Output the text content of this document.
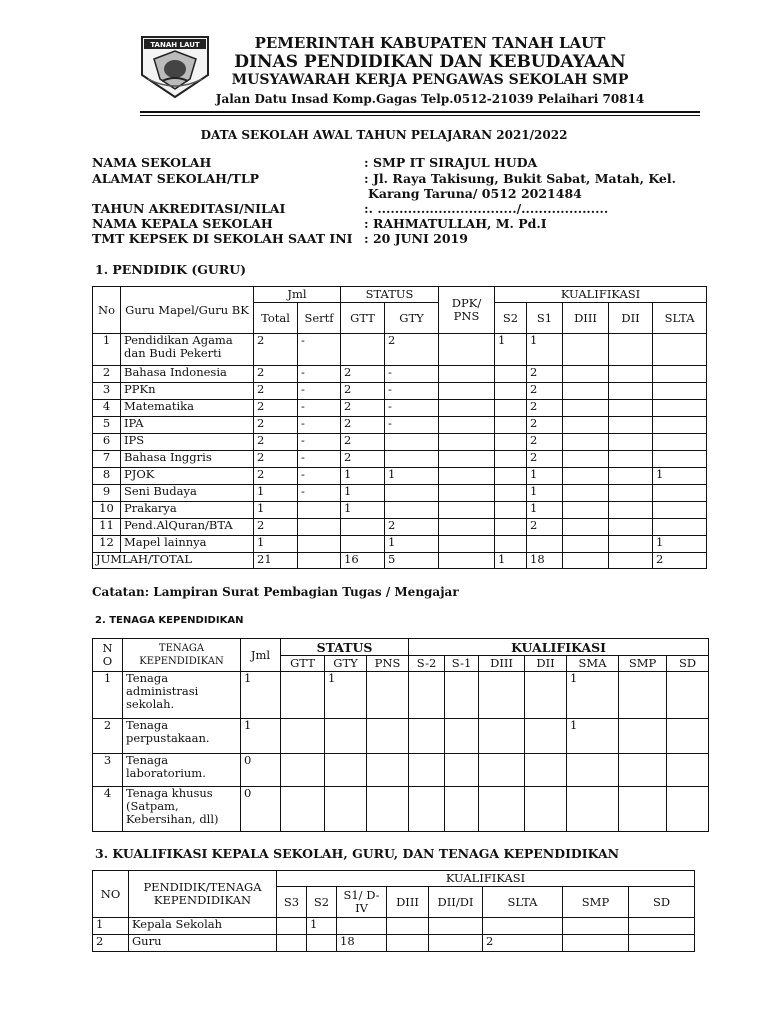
TANAH LAUT	PEMERINTAH KABUPATEN TANAH LAUT
DINAS PENDIDIKAN DAN KEBUDAYAAN
MUSYAWARAH KERJA PENGAWAS SEKOLAH SMP
Jalan Datu Insad Komp.Gagas Telp.0512-21039 Pelaihari 70814
DATA SEKOLAH AWAL TAHUN PELAJARAN 2021/2022
NAMA SEKOLAH	: SMP IT SIRAJUL HUDA
ALAMAT SEKOLAH/TLP	: Jl. Raya Takisung, Bukit Sabat, Matah, Kel.
Karang Taruna/ 0512 2021484
TAHUN AKREDITASI/NILAI	:. ................................/....................
NAMA KEPALA SEKOLAH	: RAHMATULLAH, M. Pd.I
TMT KEPSEK DI SEKOLAH SAAT INI : 20 JUNI 2019
1. PENDIDIK (GURU)
No	Guru Mapel/Guru BK	Jml		STATUS		DPK/ PNS	KUALIFIKASI				
		Total	Sertf	GTT	GTY		S2	S1	DIII	DII	SLTA
1	Pendidikan Agama dan Budi Pekerti	2	-		2		1	1			
2	Bahasa Indonesia	2	-	2	-			2			
3	PPKn	2	-	2	-			2			
4	Matematika	2	-	2	-			2			
5	IPA	2	-	2	-			2			
6	IPS	2	-	2				2			
7	Bahasa Inggris	2	-	2				2			
8	PJOK	2	-	1	1			1			1
9	Seni Budaya	1	-	1				1			
10	Prakarya	1		1				1			
11	Pend.AlQuran/BTA	2			2			2			
12	Mapel lainnya	1			1						1
JUMLAH/TOTAL		21		16	5		1	18			2
Catatan: Lampiran Surat Pembagian Tugas / Mengajar
2. TENAGA KEPENDIDIKAN
N O	TENAGA KEPENDIDIKAN	Jml	STATUS			KUALIFIKASI						
			GTT	GTY	PNS	S-2	S-1	DIII	DII	SMA	SMP	SD
1	Tenaga administrasi sekolah.	1		1						1		
2	Tenaga perpustakaan.	1								1		
3	Tenaga laboratorium.	0										
4	Tenaga khusus (Satpam, Kebersihan, dll)	0										
3. KUALIFIKASI KEPALA SEKOLAH, GURU, DAN TENAGA KEPENDIDIKAN
NO	PENDIDIK/TENAGA KEPENDIDIKAN	KUALIFIKASI							
		S3	S2	S1/ D-IV	DIII	DII/DI	SLTA	SMP	SD
1	Kepala Sekolah		1						
2	Guru			18			2		
